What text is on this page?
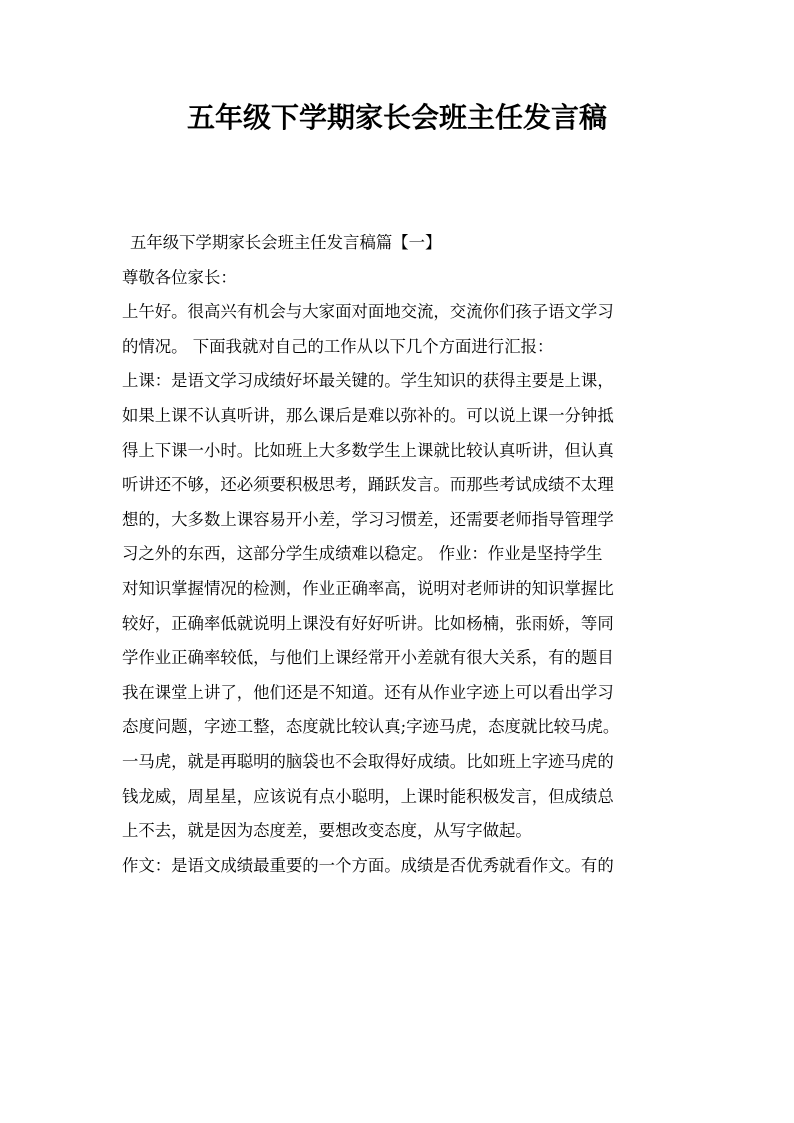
五年级下学期家长会班主任发言稿

五年级下学期家长会班主任发言稿篇【一】

尊敬各位家长：

上午好。很高兴有机会与大家面对面地交流，交流你们孩子语文学习

的情况。 下面我就对自己的工作从以下几个方面进行汇报：

上课：是语文学习成绩好坏最关键的。学生知识的获得主要是上课，

如果上课不认真听讲，那么课后是难以弥补的。可以说上课一分钟抵

得上下课一小时。比如班上大多数学生上课就比较认真听讲，但认真

听讲还不够，还必须要积极思考，踊跃发言。而那些考试成绩不太理

想的，大多数上课容易开小差，学习习惯差，还需要老师指导管理学

习之外的东西，这部分学生成绩难以稳定。 作业：作业是坚持学生

对知识掌握情况的检测，作业正确率高，说明对老师讲的知识掌握比

较好，正确率低就说明上课没有好好听讲。比如杨楠，张雨娇，等同

学作业正确率较低，与他们上课经常开小差就有很大关系，有的题目

我在课堂上讲了，他们还是不知道。还有从作业字迹上可以看出学习

态度问题，字迹工整，态度就比较认真;字迹马虎，态度就比较马虎。

一马虎，就是再聪明的脑袋也不会取得好成绩。比如班上字迹马虎的

钱龙威，周星星，应该说有点小聪明，上课时能积极发言，但成绩总

上不去，就是因为态度差，要想改变态度，从写字做起。

作文：是语文成绩最重要的一个方面。成绩是否优秀就看作文。有的
